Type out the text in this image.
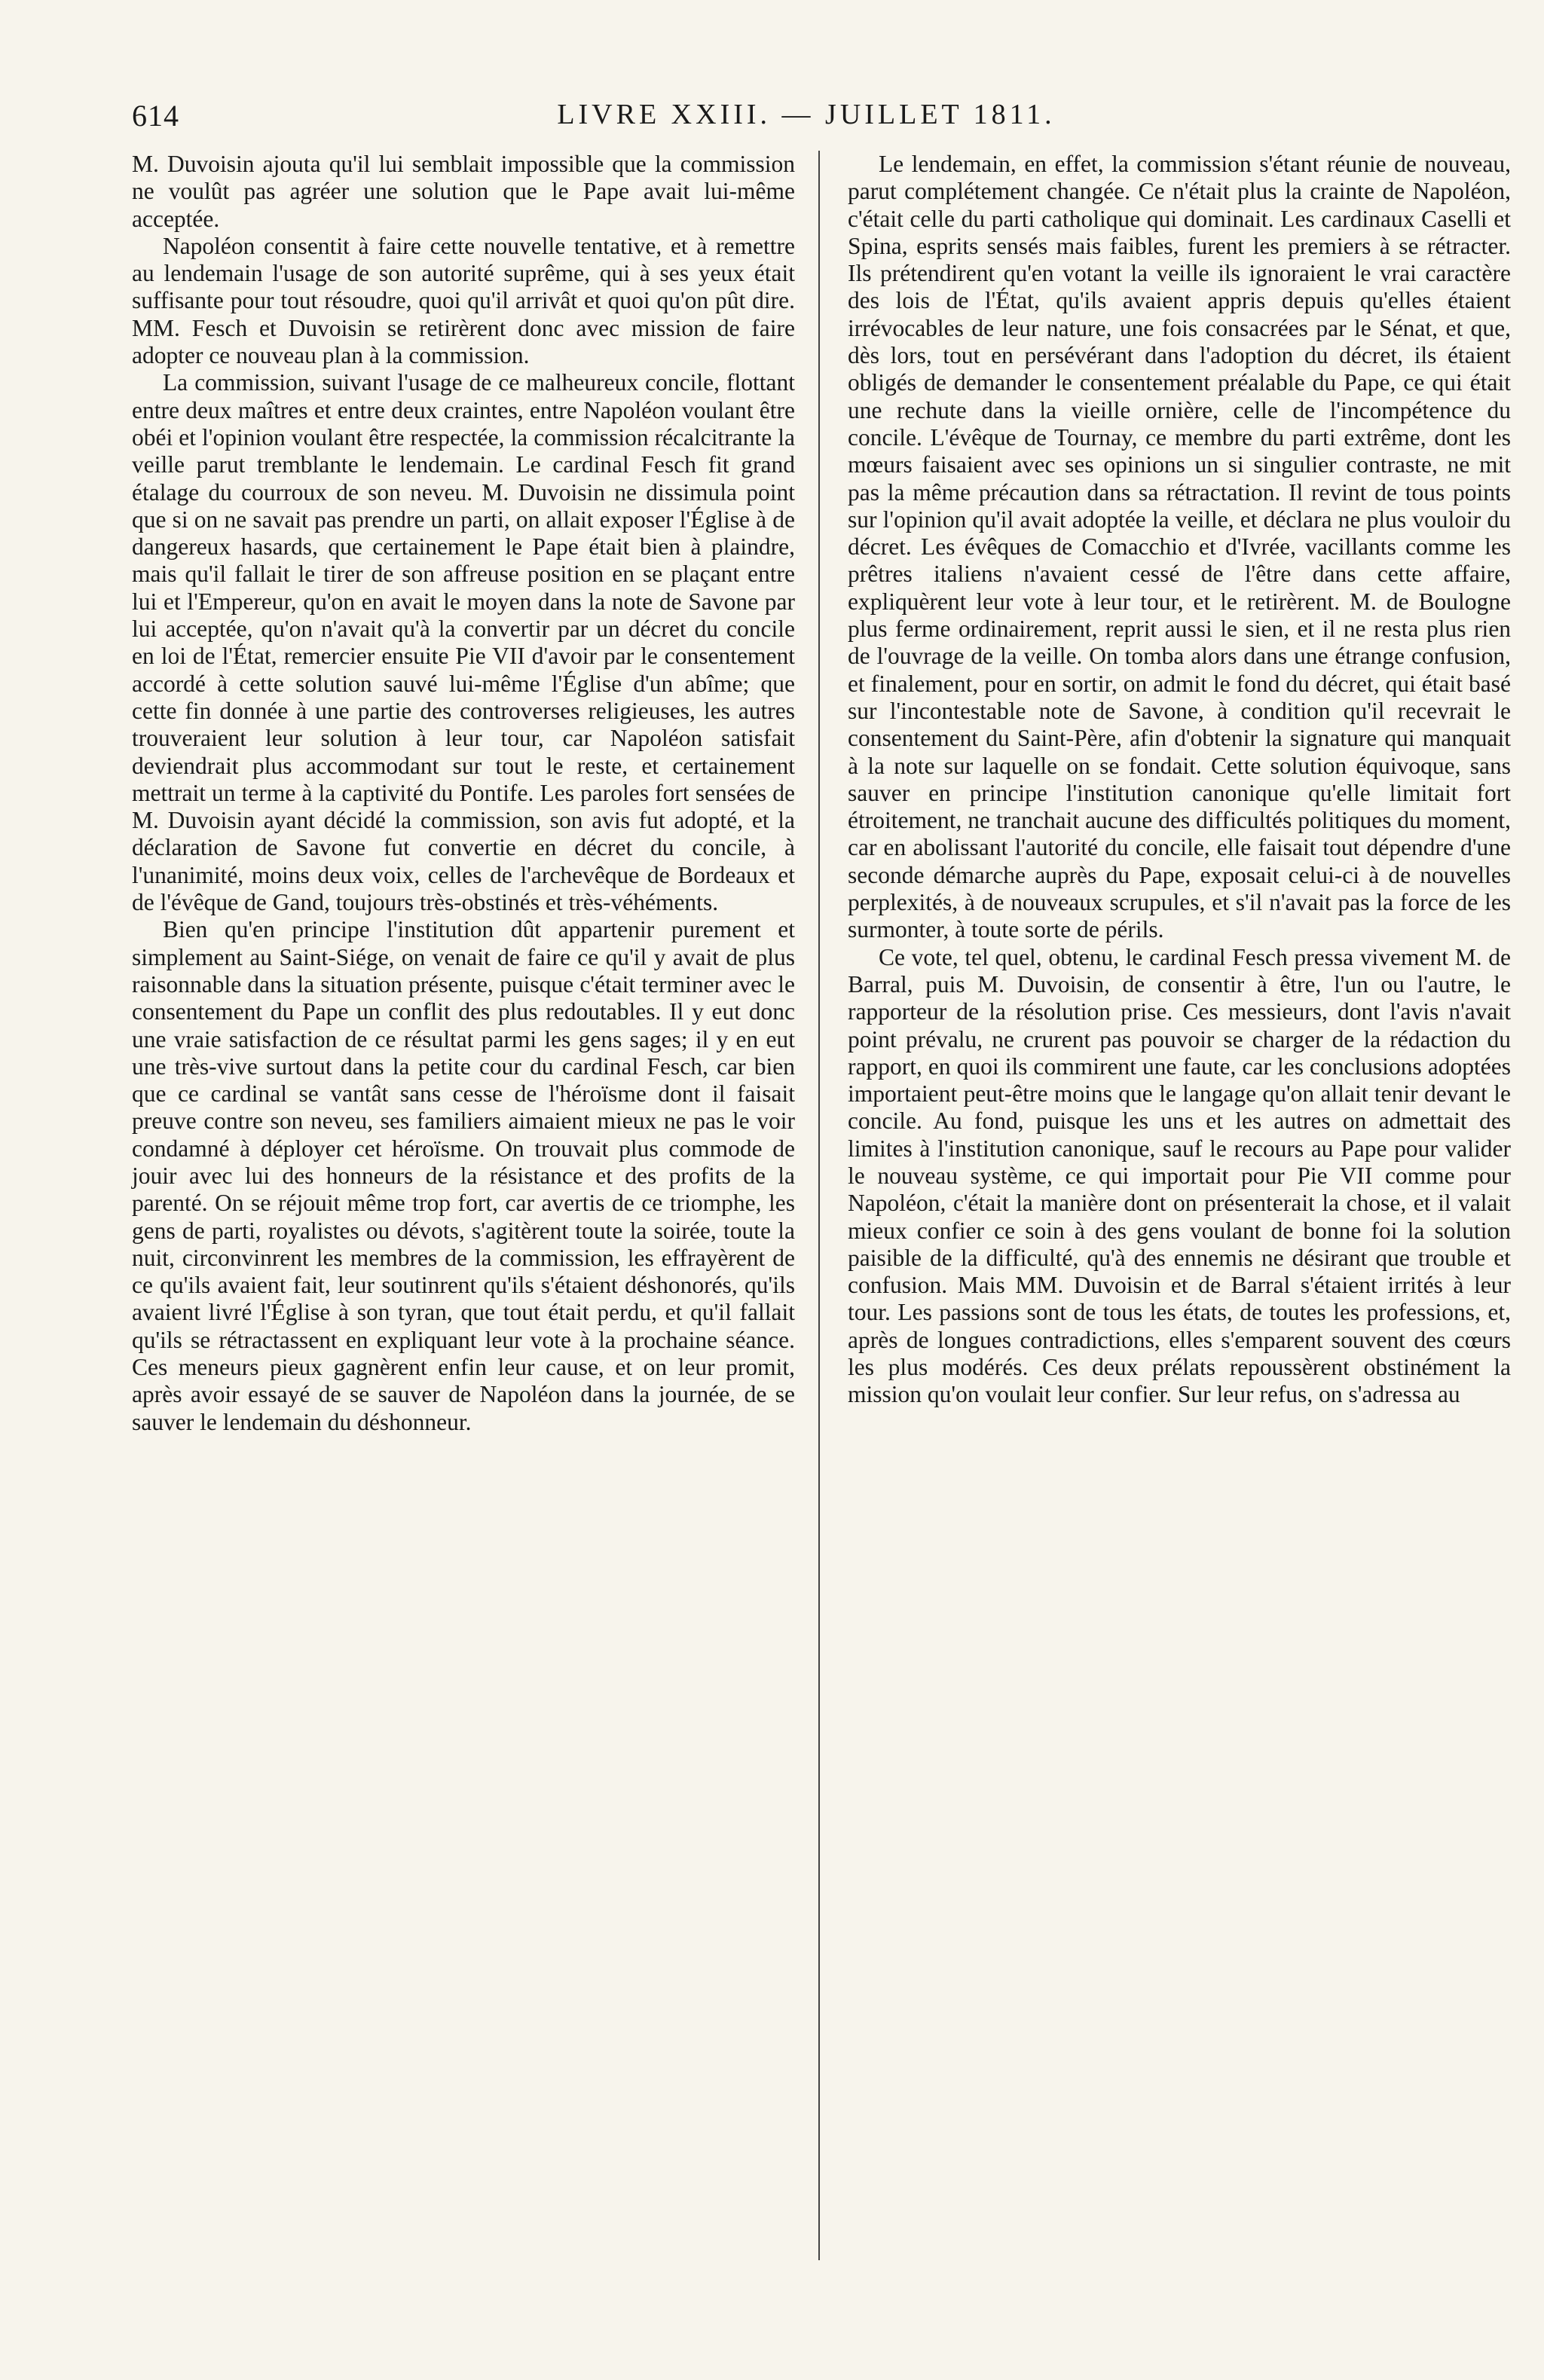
614	LIVRE XXIII. — JUILLET 1811.

M. Duvoisin ajouta qu'il lui semblait impossible que la commission ne voulût pas agréer une solution que le Pape avait lui-même acceptée.

Napoléon consentit à faire cette nouvelle tentative, et à remettre au lendemain l'usage de son autorité suprême, qui à ses yeux était suffisante pour tout résoudre, quoi qu'il arrivât et quoi qu'on pût dire. MM. Fesch et Duvoisin se retirèrent donc avec mission de faire adopter ce nouveau plan à la commission.

La commission, suivant l'usage de ce malheureux concile, flottant entre deux maîtres et entre deux craintes, entre Napoléon voulant être obéi et l'opinion voulant être respectée, la commission récalcitrante la veille parut tremblante le lendemain. Le cardinal Fesch fit grand étalage du courroux de son neveu. M. Duvoisin ne dissimula point que si on ne savait pas prendre un parti, on allait exposer l'Église à de dangereux hasards, que certainement le Pape était bien à plaindre, mais qu'il fallait le tirer de son affreuse position en se plaçant entre lui et l'Empereur, qu'on en avait le moyen dans la note de Savone par lui acceptée, qu'on n'avait qu'à la convertir par un décret du concile en loi de l'État, remercier ensuite Pie VII d'avoir par le consentement accordé à cette solution sauvé lui-même l'Église d'un abîme; que cette fin donnée à une partie des controverses religieuses, les autres trouveraient leur solution à leur tour, car Napoléon satisfait deviendrait plus accommodant sur tout le reste, et certainement mettrait un terme à la captivité du Pontife. Les paroles fort sensées de M. Duvoisin ayant décidé la commission, son avis fut adopté, et la déclaration de Savone fut convertie en décret du concile, à l'unanimité, moins deux voix, celles de l'archevêque de Bordeaux et de l'évêque de Gand, toujours très-obstinés et très-véhéments.

Bien qu'en principe l'institution dût appartenir purement et simplement au Saint-Siége, on venait de faire ce qu'il y avait de plus raisonnable dans la situation présente, puisque c'était terminer avec le consentement du Pape un conflit des plus redoutables. Il y eut donc une vraie satisfaction de ce résultat parmi les gens sages; il y en eut une très-vive surtout dans la petite cour du cardinal Fesch, car bien que ce cardinal se vantât sans cesse de l'héroïsme dont il faisait preuve contre son neveu, ses familiers aimaient mieux ne pas le voir condamné à déployer cet héroïsme. On trouvait plus commode de jouir avec lui des honneurs de la résistance et des profits de la parenté. On se réjouit même trop fort, car avertis de ce triomphe, les gens de parti, royalistes ou dévots, s'agitèrent toute la soirée, toute la nuit, circonvinrent les membres de la commission, les effrayèrent de ce qu'ils avaient fait, leur soutinrent qu'ils s'étaient déshonorés, qu'ils avaient livré l'Église à son tyran, que tout était perdu, et qu'il fallait qu'ils se rétractassent en expliquant leur vote à la prochaine séance. Ces meneurs pieux gagnèrent enfin leur cause, et on leur promit, après avoir essayé de se sauver de Napoléon dans la journée, de se sauver le lendemain du déshonneur.

Le lendemain, en effet, la commission s'étant réunie de nouveau, parut complétement changée. Ce n'était plus la crainte de Napoléon, c'était celle du parti catholique qui dominait. Les cardinaux Caselli et Spina, esprits sensés mais faibles, furent les premiers à se rétracter. Ils prétendirent qu'en votant la veille ils ignoraient le vrai caractère des lois de l'État, qu'ils avaient appris depuis qu'elles étaient irrévocables de leur nature, une fois consacrées par le Sénat, et que, dès lors, tout en persévérant dans l'adoption du décret, ils étaient obligés de demander le consentement préalable du Pape, ce qui était une rechute dans la vieille ornière, celle de l'incompétence du concile. L'évêque de Tournay, ce membre du parti extrême, dont les mœurs faisaient avec ses opinions un si singulier contraste, ne mit pas la même précaution dans sa rétractation. Il revint de tous points sur l'opinion qu'il avait adoptée la veille, et déclara ne plus vouloir du décret. Les évêques de Comacchio et d'Ivrée, vacillants comme les prêtres italiens n'avaient cessé de l'être dans cette affaire, expliquèrent leur vote à leur tour, et le retirèrent. M. de Boulogne plus ferme ordinairement, reprit aussi le sien, et il ne resta plus rien de l'ouvrage de la veille. On tomba alors dans une étrange confusion, et finalement, pour en sortir, on admit le fond du décret, qui était basé sur l'incontestable note de Savone, à condition qu'il recevrait le consentement du Saint-Père, afin d'obtenir la signature qui manquait à la note sur laquelle on se fondait. Cette solution équivoque, sans sauver en principe l'institution canonique qu'elle limitait fort étroitement, ne tranchait aucune des difficultés politiques du moment, car en abolissant l'autorité du concile, elle faisait tout dépendre d'une seconde démarche auprès du Pape, exposait celui-ci à de nouvelles perplexités, à de nouveaux scrupules, et s'il n'avait pas la force de les surmonter, à toute sorte de périls.

Ce vote, tel quel, obtenu, le cardinal Fesch pressa vivement M. de Barral, puis M. Duvoisin, de consentir à être, l'un ou l'autre, le rapporteur de la résolution prise. Ces messieurs, dont l'avis n'avait point prévalu, ne crurent pas pouvoir se charger de la rédaction du rapport, en quoi ils commirent une faute, car les conclusions adoptées importaient peut-être moins que le langage qu'on allait tenir devant le concile. Au fond, puisque les uns et les autres on admettait des limites à l'institution canonique, sauf le recours au Pape pour valider le nouveau système, ce qui importait pour Pie VII comme pour Napoléon, c'était la manière dont on présenterait la chose, et il valait mieux confier ce soin à des gens voulant de bonne foi la solution paisible de la difficulté, qu'à des ennemis ne désirant que trouble et confusion. Mais MM. Duvoisin et de Barral s'étaient irrités à leur tour. Les passions sont de tous les états, de toutes les professions, et, après de longues contradictions, elles s'emparent souvent des cœurs les plus modérés. Ces deux prélats repoussèrent obstinément la mission qu'on voulait leur confier. Sur leur refus, on s'adressa au
